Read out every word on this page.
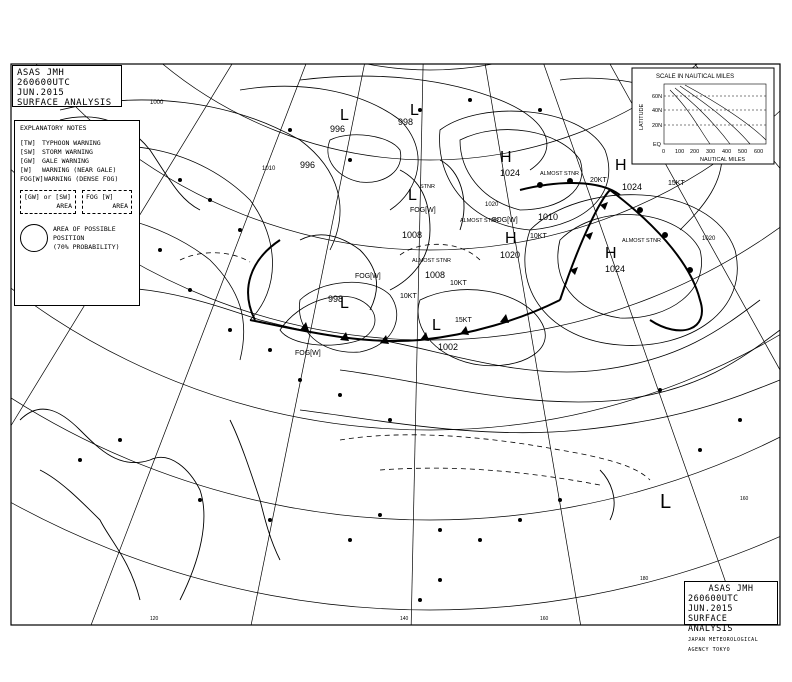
L
996
L
998
996	H
1024
L
1008
1008
H
1020
1010
H
1024
H
1024
L
1002
L
998
L
FOG[W]
FOG[W]
FOG[W]
FOG[W]
15KT
20KT
10KT
10KT
15KT
10KT
ALMOST STNR
ALMOST STNR
ALMOST STNR
ALMOST STNR
STNR
1000
1020
1020
1010
120	140	160
180
160
SCALE IN NAUTICAL MILES
LATITUDE
60N
40N
20N
EQ
0 100 200 300 400 500 600
NAUTICAL MILES
ASAS JMH
260600UTC JUN.2015
SURFACE ANALYSIS
EXPLANATORY NOTES
[TW] TYPHOON WARNING
[SW] STORM WARNING
[GW] GALE WARNING
[W]	WARNING (NEAR GALE)
FOG[W] WARNING (DENSE FOG)
[GW] or [SW]
AREA
FOG [W]
AREA
AREA OF POSSIBLE
POSITION
(70% PROBABILITY)
ASAS JMH
260600UTC JUN.2015
SURFACE ANALYSIS
JAPAN METEOROLOGICAL AGENCY TOKYO
